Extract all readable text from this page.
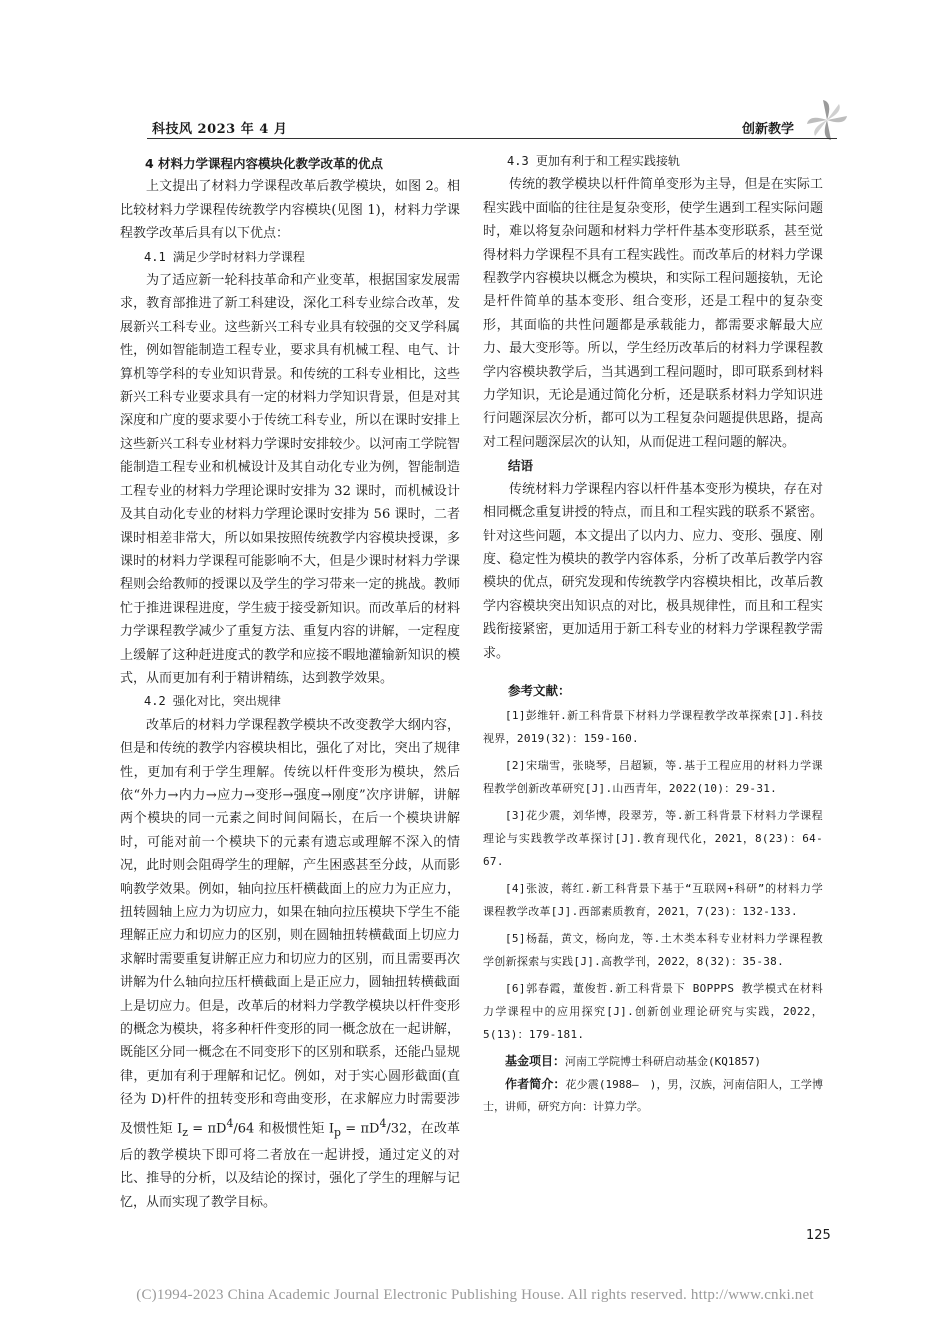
科技风 2023 年 4 月	创新教学

4 材料力学课程内容模块化教学改革的优点

上文提出了材料力学课程改革后教学模块，如图 2。相比较材料力学课程传统教学内容模块(见图 1)，材料力学课程教学改革后具有以下优点：

4.1 满足少学时材料力学课程

为了适应新一轮科技革命和产业变革，根据国家发展需求，教育部推进了新工科建设，深化工科专业综合改革，发展新兴工科专业。这些新兴工科专业具有较强的交叉学科属性，例如智能制造工程专业，要求具有机械工程、电气、计算机等学科的专业知识背景。和传统的工科专业相比，这些新兴工科专业要求具有一定的材料力学知识背景，但是对其深度和广度的要求要小于传统工科专业，所以在课时安排上这些新兴工科专业材料力学课时安排较少。以河南工学院智能制造工程专业和机械设计及其自动化专业为例，智能制造工程专业的材料力学理论课时安排为 32 课时，而机械设计及其自动化专业的材料力学理论课时安排为 56 课时，二者课时相差非常大，所以如果按照传统教学内容模块授课，多课时的材料力学课程可能影响不大，但是少课时材料力学课程则会给教师的授课以及学生的学习带来一定的挑战。教师忙于推进课程进度，学生疲于接受新知识。而改革后的材料力学课程教学减少了重复方法、重复内容的讲解，一定程度上缓解了这种赶进度式的教学和应接不暇地灌输新知识的模式，从而更加有利于精讲精练，达到教学效果。

4.2 强化对比，突出规律

改革后的材料力学课程教学模块不改变教学大纲内容，但是和传统的教学内容模块相比，强化了对比，突出了规律性，更加有利于学生理解。传统以杆件变形为模块，然后依“外力→内力→应力→变形→强度→刚度”次序讲解，讲解两个模块的同一元素之间时间间隔长，在后一个模块讲解时，可能对前一个模块下的元素有遗忘或理解不深入的情况，此时则会阻碍学生的理解，产生困惑甚至分歧，从而影响教学效果。例如，轴向拉压杆横截面上的应力为正应力，扭转圆轴上应力为切应力，如果在轴向拉压模块下学生不能理解正应力和切应力的区别，则在圆轴扭转横截面上切应力求解时需要重复讲解正应力和切应力的区别，而且需要再次讲解为什么轴向拉压杆横截面上是正应力，圆轴扭转横截面上是切应力。但是，改革后的材料力学教学模块以杆件变形的概念为模块，将多种杆件变形的同一概念放在一起讲解，既能区分同一概念在不同变形下的区别和联系，还能凸显规律，更加有利于理解和记忆。例如，对于实心圆形截面(直径为 D)杆件的扭转变形和弯曲变形，在求解应力时需要涉及惯性矩 $I_z = \pi D^4/64$ 和极惯性矩 $I_p = \pi D^4/32$，在改革后的教学模块下即可将二者放在一起讲授，通过定义的对比、推导的分析，以及结论的探讨，强化了学生的理解与记忆，从而实现了教学目标。

4.3 更加有利于和工程实践接轨

传统的教学模块以杆件简单变形为主导，但是在实际工程实践中面临的往往是复杂变形，使学生遇到工程实际问题时，难以将复杂问题和材料力学杆件基本变形联系，甚至觉得材料力学课程不具有工程实践性。而改革后的材料力学课程教学内容模块以概念为模块，和实际工程问题接轨，无论是杆件简单的基本变形、组合变形，还是工程中的复杂变形，其面临的共性问题都是承载能力，都需要求解最大应力、最大变形等。所以，学生经历改革后的材料力学课程教学内容模块教学后，当其遇到工程问题时，即可联系到材料力学知识，无论是通过简化分析，还是联系材料力学知识进行问题深层次分析，都可以为工程复杂问题提供思路，提高对工程问题深层次的认知，从而促进工程问题的解决。

结语

传统材料力学课程内容以杆件基本变形为模块，存在对相同概念重复讲授的特点，而且和工程实践的联系不紧密。针对这些问题，本文提出了以内力、应力、变形、强度、刚度、稳定性为模块的教学内容体系，分析了改革后教学内容模块的优点，研究发现和传统教学内容模块相比，改革后教学内容模块突出知识点的对比，极具规律性，而且和工程实践衔接紧密，更加适用于新工科专业的材料力学课程教学需求。

参考文献：

[1]彭维轩.新工科背景下材料力学课程教学改革探索[J].科技视界，2019(32)：159-160.

[2]宋瑞雪，张晓琴，吕超颖，等.基于工程应用的材料力学课程教学创新改革研究[J].山西青年，2022(10)：29-31.

[3]花少震，刘华博，段翠芳，等.新工科背景下材料力学课程理论与实践教学改革探讨[J].教育现代化，2021，8(23)：64-67.

[4]张波，蒋红.新工科背景下基于“互联网+科研”的材料力学课程教学改革[J].西部素质教育，2021，7(23)：132-133.

[5]杨磊，黄文，杨向龙，等.土木类本科专业材料力学课程教学创新探索与实践[J].高教学刊，2022，8(32)：35-38.

[6]郭春霞，董俊哲.新工科背景下 BOPPPS 教学模式在材料力学课程中的应用探究[J].创新创业理论研究与实践，2022，5(13)：179-181.

基金项目：河南工学院博士科研启动基金(KQ1857)

作者简介：花少震(1988—　)，男，汉族，河南信阳人，工学博士，讲师，研究方向：计算力学。

125
(C)1994-2023 China Academic Journal Electronic Publishing House. All rights reserved. http://www.cnki.net
